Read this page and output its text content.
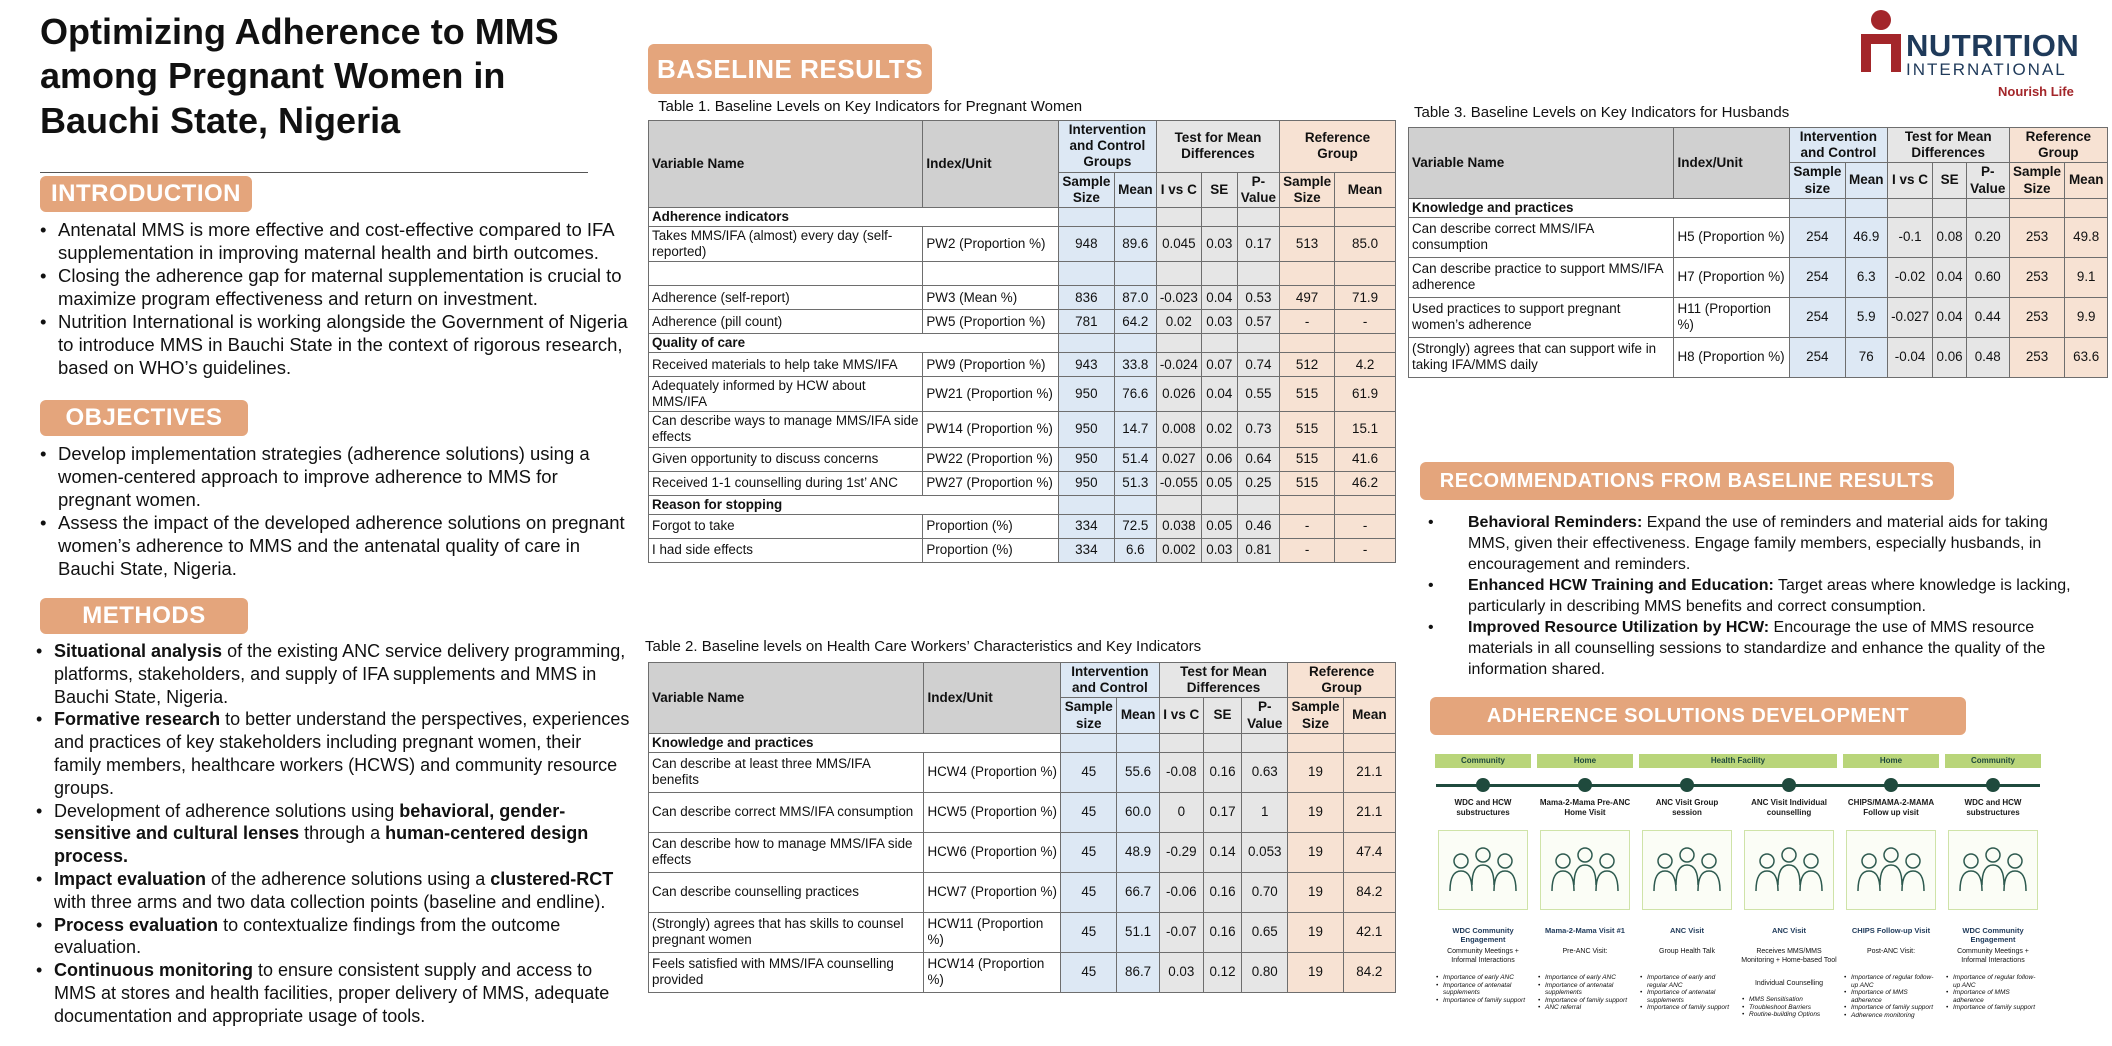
Optimizing Adherence to MMS among Pregnant Women in Bauchi State, Nigeria
INTRODUCTION
• Antenatal MMS is more effective and cost-effective compared to IFA supplementation in improving maternal health and birth outcomes.
• Closing the adherence gap for maternal supplementation is crucial to maximize program effectiveness and return on investment.
• Nutrition International is working alongside the Government of Nigeria to introduce MMS in Bauchi State in the context of rigorous research, based on WHO’s guidelines.
OBJECTIVES
• Develop implementation strategies (adherence solutions) using a women-centered approach to improve adherence to MMS for pregnant women.
• Assess the impact of the developed adherence solutions on pregnant women’s adherence to MMS and the antenatal quality of care in Bauchi State, Nigeria.
METHODS
• Situational analysis of the existing ANC service delivery programming, platforms, stakeholders, and supply of IFA supplements and MMS in Bauchi State, Nigeria.
• Formative research to better understand the perspectives, experiences and practices of key stakeholders including pregnant women, their family members, healthcare workers (HCWS) and community resource groups.
• Development of adherence solutions using behavioral, gender-sensitive and cultural lenses through a human-centered design process.
• Impact evaluation of the adherence solutions using a clustered-RCT with three arms and two data collection points (baseline and endline).
• Process evaluation to contextualize findings from the outcome evaluation.
• Continuous monitoring to ensure consistent supply and access to MMS at stores and health facilities, proper delivery of MMS, adequate documentation and appropriate usage of tools.
BASELINE RESULTS
Table 1. Baseline Levels on Key Indicators for Pregnant Women
Variable Name	Index/Unit	Intervention and Control Groups		Test for Mean Differences			Reference Group	
		Sample Size	Mean	I vs C	SE	P-Value	Sample Size	Mean
Adherence indicators								
Takes MMS/IFA (almost) every day (self-reported)	PW2 (Proportion %)	948	89.6	0.045	0.03	0.17	513	85.0

Adherence (self-report)	PW3 (Mean %)	836	87.0	-0.023	0.04	0.53	497	71.9
Adherence (pill count)	PW5 (Proportion %)	781	64.2	0.02	0.03	0.57	-	-
Quality of care								
Received materials to help take MMS/IFA	PW9 (Proportion %)	943	33.8	-0.024	0.07	0.74	512	4.2
Adequately informed by HCW about MMS/IFA	PW21 (Proportion %)	950	76.6	0.026	0.04	0.55	515	61.9
Can describe ways to manage MMS/IFA side effects	PW14 (Proportion %)	950	14.7	0.008	0.02	0.73	515	15.1
Given opportunity to discuss concerns	PW22 (Proportion %)	950	51.4	0.027	0.06	0.64	515	41.6
Received 1-1 counselling during 1st’ ANC	PW27 (Proportion %)	950	51.3	-0.055	0.05	0.25	515	46.2
Reason for stopping								
Forgot to take	Proportion (%)	334	72.5	0.038	0.05	0.46	-	-
I had side effects	Proportion (%)	334	6.6	0.002	0.03	0.81	-	-
Table 2. Baseline levels on Health Care Workers’ Characteristics and Key Indicators
Variable Name	Index/Unit	Intervention and Control		Test for Mean Differences			Reference Group	
		Sample size	Mean	I vs C	SE	P-Value	Sample Size	Mean
Knowledge and practices								
Can describe at least three MMS/IFA benefits	HCW4 (Proportion %)	45	55.6	-0.08	0.16	0.63	19	21.1
Can describe correct MMS/IFA consumption	HCW5 (Proportion %)	45	60.0	0	0.17	1	19	21.1
Can describe how to manage MMS/IFA side effects	HCW6 (Proportion %)	45	48.9	-0.29	0.14	0.053	19	47.4
Can describe counselling practices	HCW7 (Proportion %)	45	66.7	-0.06	0.16	0.70	19	84.2
(Strongly) agrees that has skills to counsel pregnant women	HCW11 (Proportion %)	45	51.1	-0.07	0.16	0.65	19	42.1
Feels satisfied with MMS/IFA counselling provided	HCW14 (Proportion %)	45	86.7	0.03	0.12	0.80	19	84.2
NUTRITION
INTERNATIONAL
Nourish Life
Table 3. Baseline Levels on Key Indicators for Husbands
Variable Name	Index/Unit	Intervention and Control		Test for Mean Differences			Reference Group	
		Sample size	Mean	I vs C	SE	P-Value	Sample Size	Mean
Knowledge and practices								
Can describe correct MMS/IFA consumption	H5 (Proportion %)	254	46.9	-0.1	0.08	0.20	253	49.8
Can describe practice to support MMS/IFA adherence	H7 (Proportion %)	254	6.3	-0.02	0.04	0.60	253	9.1
Used practices to support pregnant women’s adherence	H11 (Proportion %)	254	5.9	-0.027	0.04	0.44	253	9.9
(Strongly) agrees that can support wife in taking IFA/MMS daily	H8 (Proportion %)	254	76	-0.04	0.06	0.48	253	63.6
RECOMMENDATIONS FROM BASELINE RESULTS
• Behavioral Reminders: Expand the use of reminders and material aids for taking MMS, given their effectiveness. Engage family members, especially husbands, in encouragement and reminders.
• Enhanced HCW Training and Education: Target areas where knowledge is lacking, particularly in describing MMS benefits and correct consumption.
• Improved Resource Utilization by HCW: Encourage the use of MMS resource materials in all counselling sessions to standardize and enhance the quality of the information shared.
ADHERENCE SOLUTIONS DEVELOPMENT
Community	Home	Health Facility	Home	Community
WDC and HCW substructures
WDC Community Engagement
Community Meetings + Informal Interactions
• Importance of early ANC
• Importance of antenatal supplements
• Importance of family support
Mama-2-Mama Pre-ANC Home Visit
Mama-2-Mama Visit #1
Pre-ANC Visit:
• Importance of early ANC
• Importance of antenatal supplements
• Importance of family support
• ANC referral
ANC Visit Group session
ANC Visit
Group Health Talk
• Importance of early and regular ANC
• Importance of antenatal supplements
• Importance of family support
ANC Visit Individual counselling
ANC Visit
Receives MMS/MMS Monitoring + Home-based Tool
Individual Counselling
• MMS Sensitisation
• Troubleshoot Barriers
• Routine-building Options
CHIPS/MAMA-2-MAMA Follow up visit
CHIPS Follow-up Visit
Post-ANC Visit:
• Importance of regular follow-up ANC
• Importance of MMS adherence
• Importance of family support
• Adherence monitoring
WDC and HCW substructures
WDC Community Engagement
Community Meetings + Informal Interactions
• Importance of regular follow-up ANC
• Importance of MMS adherence
• Importance of family support
